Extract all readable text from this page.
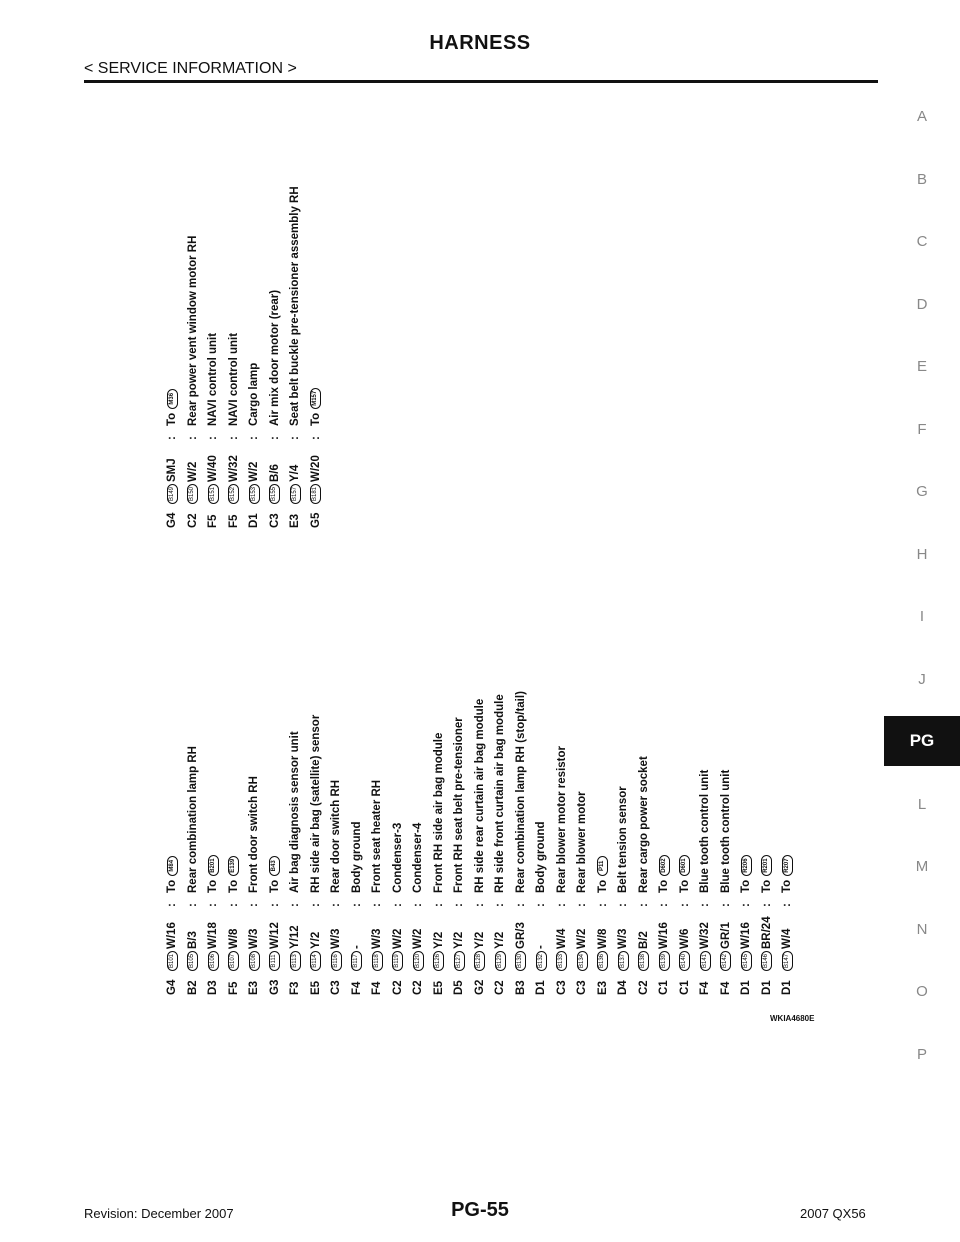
HARNESS
< SERVICE INFORMATION >
A
B
C
D
E
F
G
H
I
J
PG
L
M
N
O
P
G4
B101
W/16
:
To
M84
B2
B105
B/3
:
Rear combination lamp RH
D3
B106
W/18
:
To
B201
F5
B107
W/8
:
To
E139
E3
B108
W/3
:
Front door switch RH
G3
B111
W/12
:
To
B43
F3
B113
Y/12
:
Air bag diagnosis sensor unit
E5
B114
Y/2
:
RH side air bag (satellite) sensor
C3
B116
W/3
:
Rear door switch RH
F4
B117
-
:
Body ground
F4
B118
W/3
:
Front seat heater RH
C2
B119
W/2
:
Condenser-3
C2
B120
W/2
:
Condenser-4
E5
B126
Y/2
:
Front RH side air bag module
D5
B127
Y/2
:
Front RH seat belt pre-tensioner
G2
B128
Y/2
:
RH side rear curtain air bag module
C2
B129
Y/2
:
RH side front curtain air bag module
B3
B130
GR/3
:
Rear combination lamp RH (stop/tail)
D1
B132
-
:
Body ground
C3
B133
W/4
:
Rear blower motor resistor
C3
B134
W/2
:
Rear blower motor
E3
B136
W/8
:
To
P11
D4
B137
W/3
:
Belt tension sensor
C2
B138
B/2
:
Rear cargo power socket
C1
B139
W/16
:
To
D602
C1
B140
W/6
:
To
D601
F4
B141
W/32
:
Blue tooth control unit
F4
B142
GR/1
:
Blue tooth control unit
D1
B145
W/16
:
To
R206
D1
B146
BR/24
:
To
R201
D1
B147
W/4
:
To
R207
G4
B149
SMJ
:
To
M36
C2
B150
W/2
:
Rear power vent window motor RH
F5
B151
W/40
:
NAVI control unit
F5
B152
W/32
:
NAVI control unit
D1
B153
W/2
:
Cargo lamp
C3
B155
B/6
:
Air mix door motor (rear)
E3
B157
Y/4
:
Seat belt buckle pre-tensioner assembly RH
G5
B181
W/20
:
To
M157
WKIA4680E
Revision: December 2007	PG-55	2007 QX56
